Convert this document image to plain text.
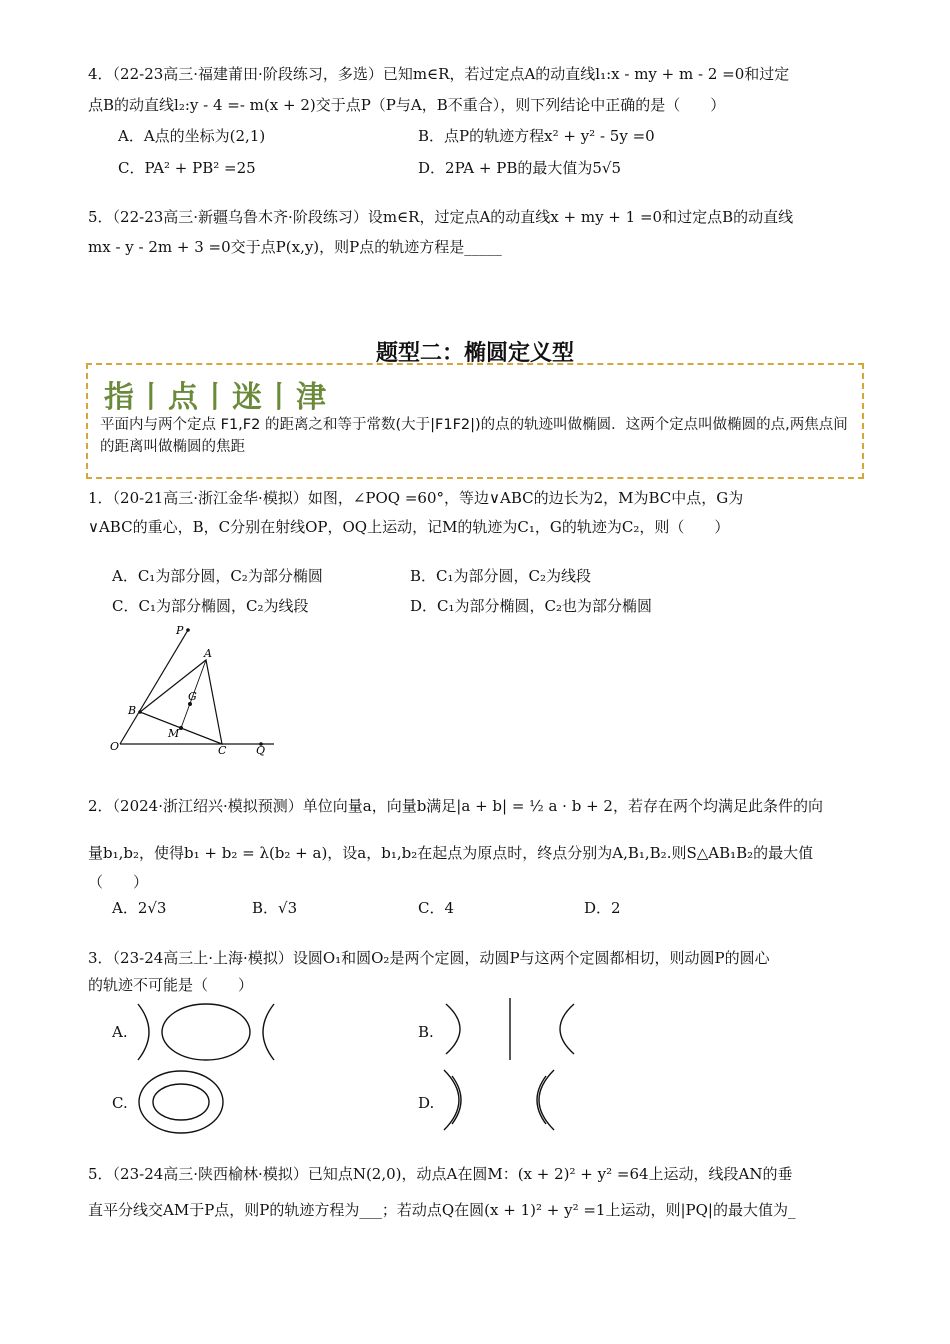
4．（22-23高三·福建莆田·阶段练习，多选）已知m∈R，若过定点A的动直线l₁:x - my + m - 2 =0和过定
点B的动直线l₂:y - 4 =- m(x + 2)交于点P（P与A，B不重合），则下列结论中正确的是（　　）
A．A点的坐标为(2,1)	B．点P的轨迹方程x² + y² - 5y =0
C．PA² + PB² =25	D．2PA + PB的最大值为5√5
5．（22-23高三·新疆乌鲁木齐·阶段练习）设m∈R，过定点A的动直线x + my + 1 =0和过定点B的动直线
mx - y - 2m + 3 =0交于点P(x,y)，则P点的轨迹方程是_____
题型二：椭圆定义型
指丨点丨迷丨津
平面内与两个定点 F1,F2 的距离之和等于常数(大于|F1F2|)的点的轨迹叫做椭圆．这两个定点叫做椭圆的点,两焦点间的距离叫做椭圆的焦距
1．（20-21高三·浙江金华·模拟）如图，∠POQ =60°，等边∨ABC的边长为2，M为BC中点，G为
∨ABC的重心，B，C分别在射线OP，OQ上运动，记M的轨迹为C₁，G的轨迹为C₂，则（　　）
A．C₁为部分圆，C₂为部分椭圆	B．C₁为部分圆，C₂为线段
C．C₁为部分椭圆，C₂为线段	D．C₁为部分椭圆，C₂也为部分椭圆
P
A
G
B
M
O	C	Q
2．（2024·浙江绍兴·模拟预测）单位向量a，向量b满足|a + b| = ½ a · b + 2，若存在两个均满足此条件的向
量b₁,b₂，使得b₁ + b₂ = λ(b₂ + a)，设a，b₁,b₂在起点为原点时，终点分别为A,B₁,B₂.则S△AB₁B₂的最大值
（　　）
A．2√3	B．√3	C．4	D．2
3．（23-24高三上·上海·模拟）设圆O₁和圆O₂是两个定圆，动圆P与这两个定圆都相切，则动圆P的圆心
的轨迹不可能是（　　）
A.	B.
C.	D.
5．（23-24高三·陕西榆林·模拟）已知点N(2,0)，动点A在圆M：(x + 2)² + y² =64上运动，线段AN的垂
直平分线交AM于P点，则P的轨迹方程为___；若动点Q在圆(x + 1)² + y² =1上运动，则|PQ|的最大值为_
